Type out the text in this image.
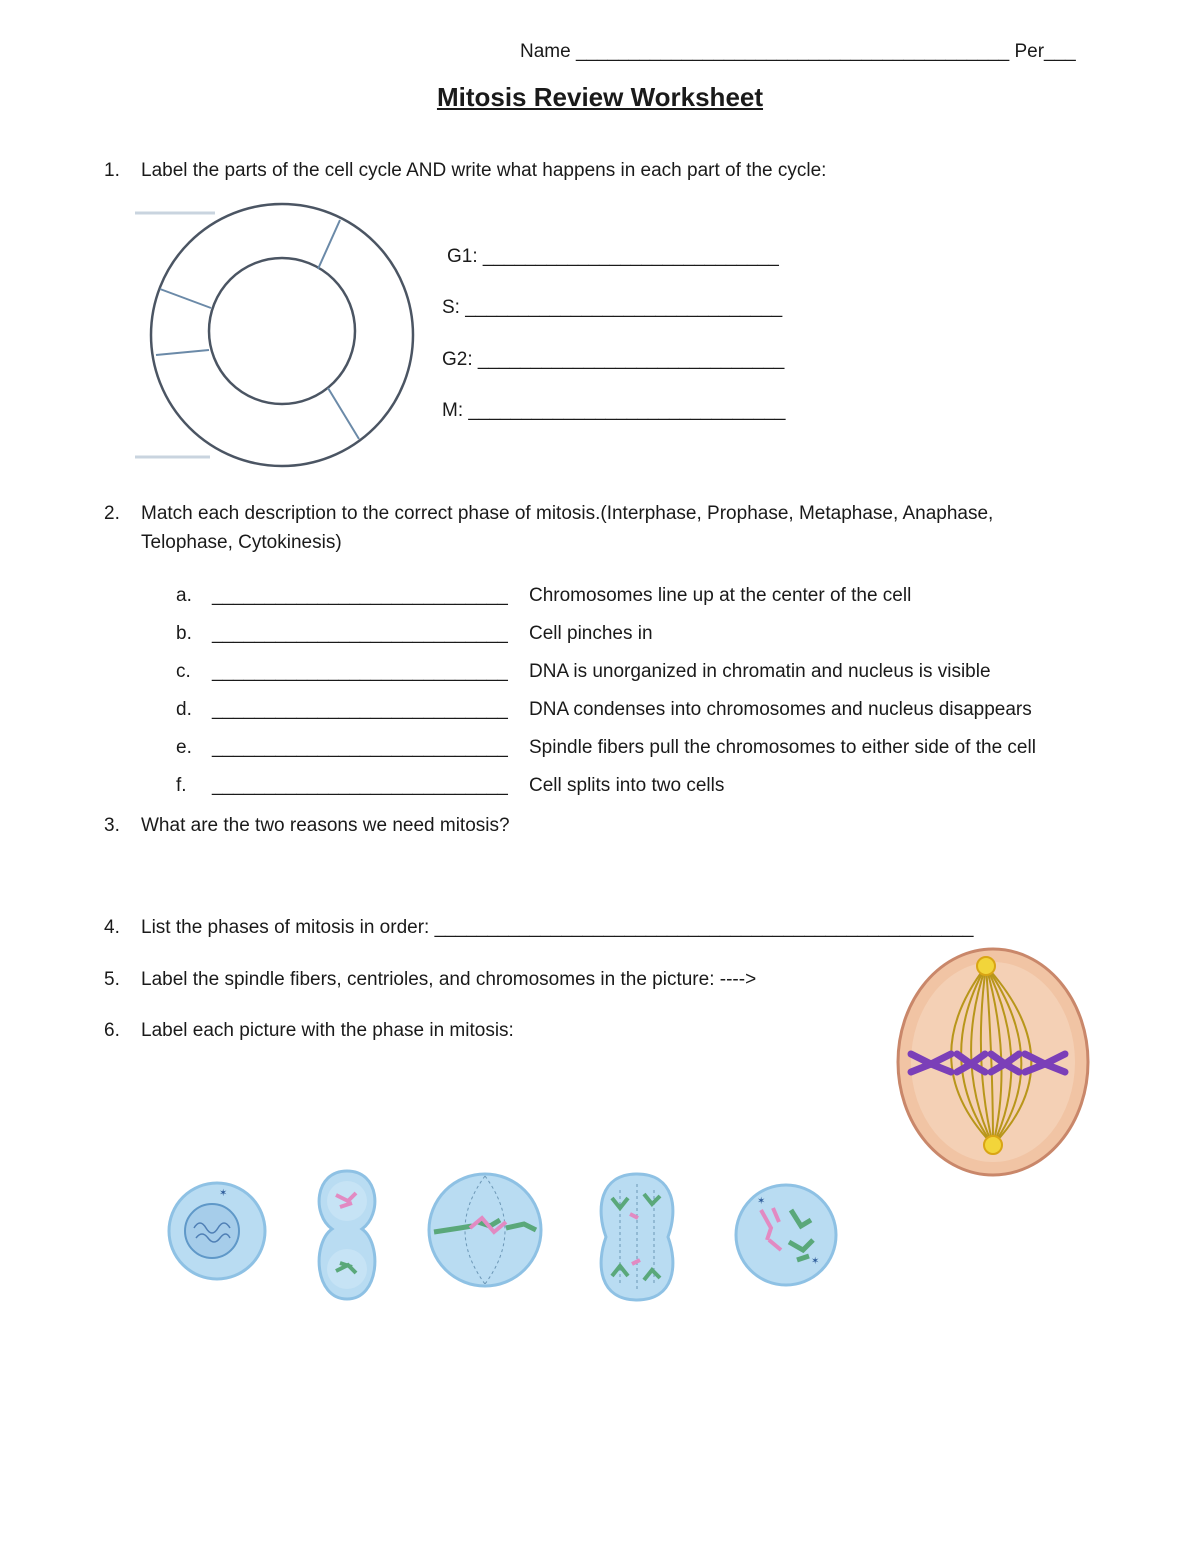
Name _________________________________________ Per___
Mitosis Review Worksheet
1. Label the parts of the cell cycle AND write what happens in each part of the cycle:
G1: ____________________________
S: ______________________________
G2: _____________________________
M: ______________________________
2. Match each description to the correct phase of mitosis.(Interphase, Prophase, Metaphase, Anaphase,
Telophase, Cytokinesis)
a. ____________________________ Chromosomes line up at the center of the cell
b. ____________________________ Cell pinches in
c. ____________________________ DNA is unorganized in chromatin and nucleus is visible
d. ____________________________ DNA condenses into chromosomes and nucleus disappears
e. ____________________________ Spindle fibers pull the chromosomes to either side of the cell
f. ____________________________ Cell splits into two cells
3. What are the two reasons we need mitosis?
4. List the phases of mitosis in order: ___________________________________________________
5. Label the spindle fibers, centrioles, and chromosomes in the picture: ---->
6. Label each picture with the phase in mitosis:
✶
✶
✶
